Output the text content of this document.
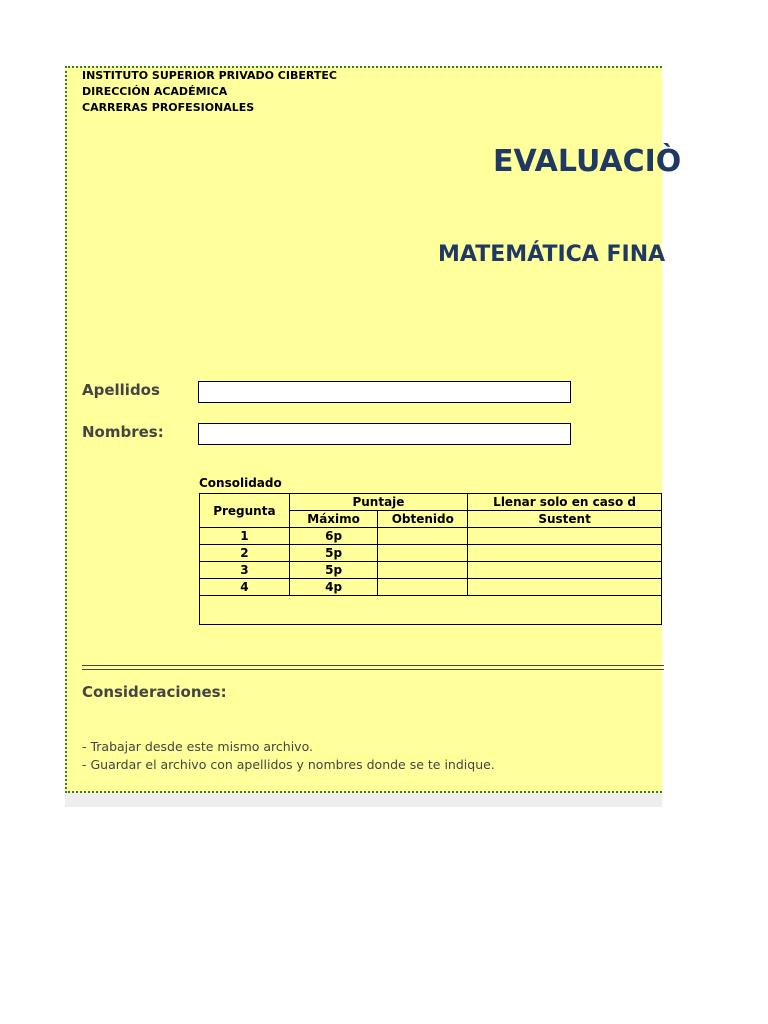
INSTITUTO SUPERIOR PRIVADO CIBERTEC
DIRECCIÓN ACADÉMICA
CARRERAS PROFESIONALES
EVALUACIÒ
MATEMÁTICA FINA
Apellidos
Nombres:
Consolidado
Pregunta	Puntaje		Llenar solo en caso d
	Máximo	Obtenido	Sustent
1	6p		
2	5p		
3	5p		
4	4p		

Consideraciones:
- Trabajar desde este mismo archivo.
- Guardar el archivo con apellidos y nombres donde se te indique.
